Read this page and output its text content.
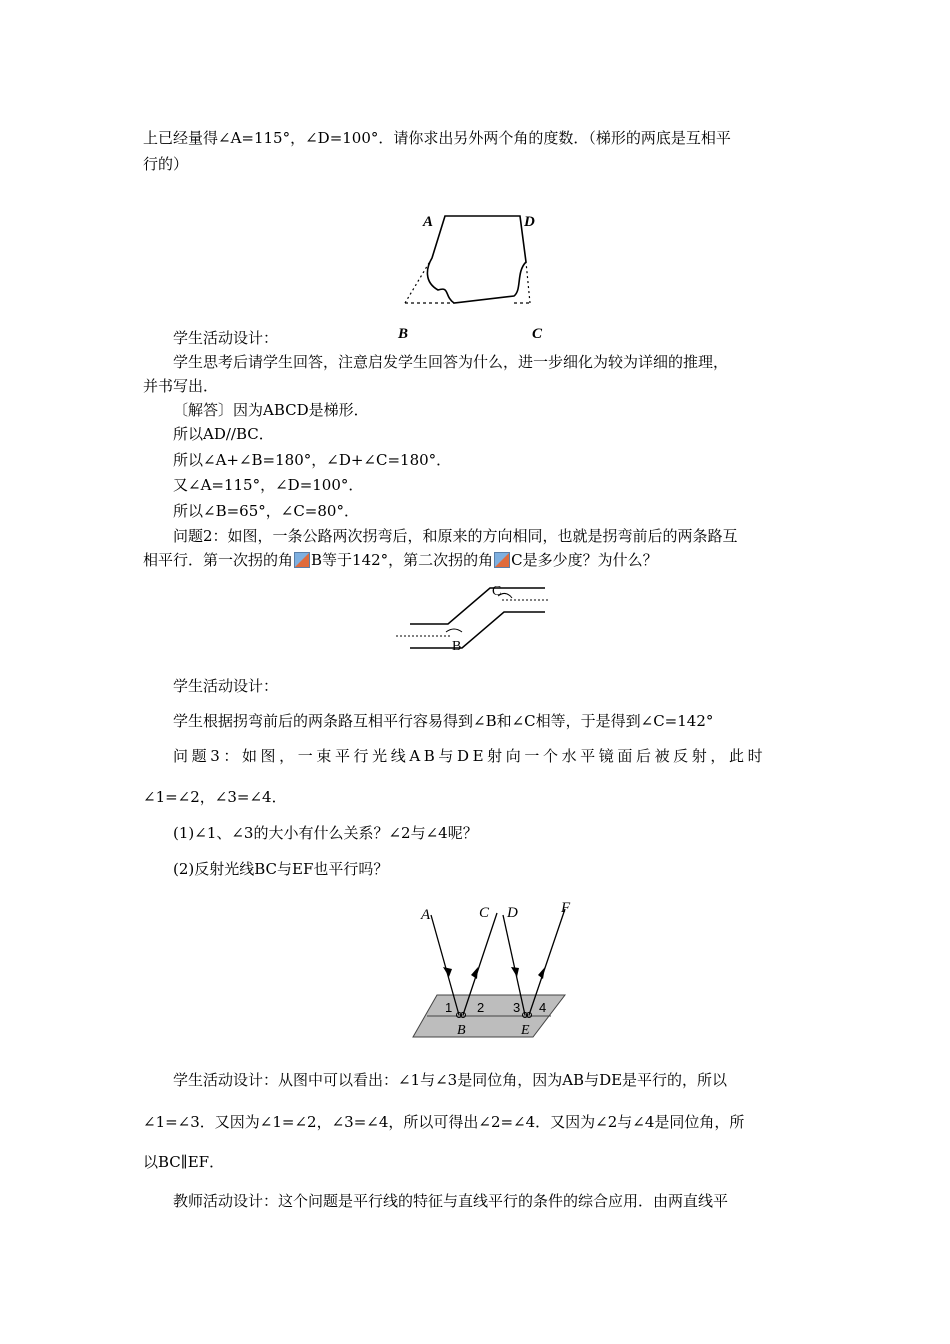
上已经量得∠A=115°，∠D=100°．请你求出另外两个角的度数．（梯形的两底是互相平
行的）
A	D
B	C
学生活动设计：
学生思考后请学生回答，注意启发学生回答为什么，进一步细化为较为详细的推理，
并书写出．
〔解答〕因为ABCD是梯形．
所以AD//BC．
所以∠A+∠B=180°，∠D+∠C=180°．
又∠A=115°，∠D=100°．
所以∠B=65°，∠C=80°．
问题2：如图，一条公路两次拐弯后，和原来的方向相同，也就是拐弯前后的两条路互
相平行．第一次拐的角 B等于142°，第二次拐的角 C是多少度？为什么？
C
B
学生活动设计：
学生根据拐弯前后的两条路互相平行容易得到∠B和∠C相等，于是得到∠C=142°
问题3：如图，一束平行光线AB与DE射向一个水平镜面后被反射，此时
∠1=∠2，∠3=∠4．
(1)∠1、∠3的大小有什么关系？∠2与∠4呢？
(2)反射光线BC与EF也平行吗？
A	C D	F
1 2 3 4
B	E
学生活动设计：从图中可以看出：∠1与∠3是同位角，因为AB与DE是平行的，所以
∠1=∠3．又因为∠1=∠2，∠3=∠4，所以可得出∠2=∠4．又因为∠2与∠4是同位角，所
以BC∥EF．
教师活动设计：这个问题是平行线的特征与直线平行的条件的综合应用．由两直线平
